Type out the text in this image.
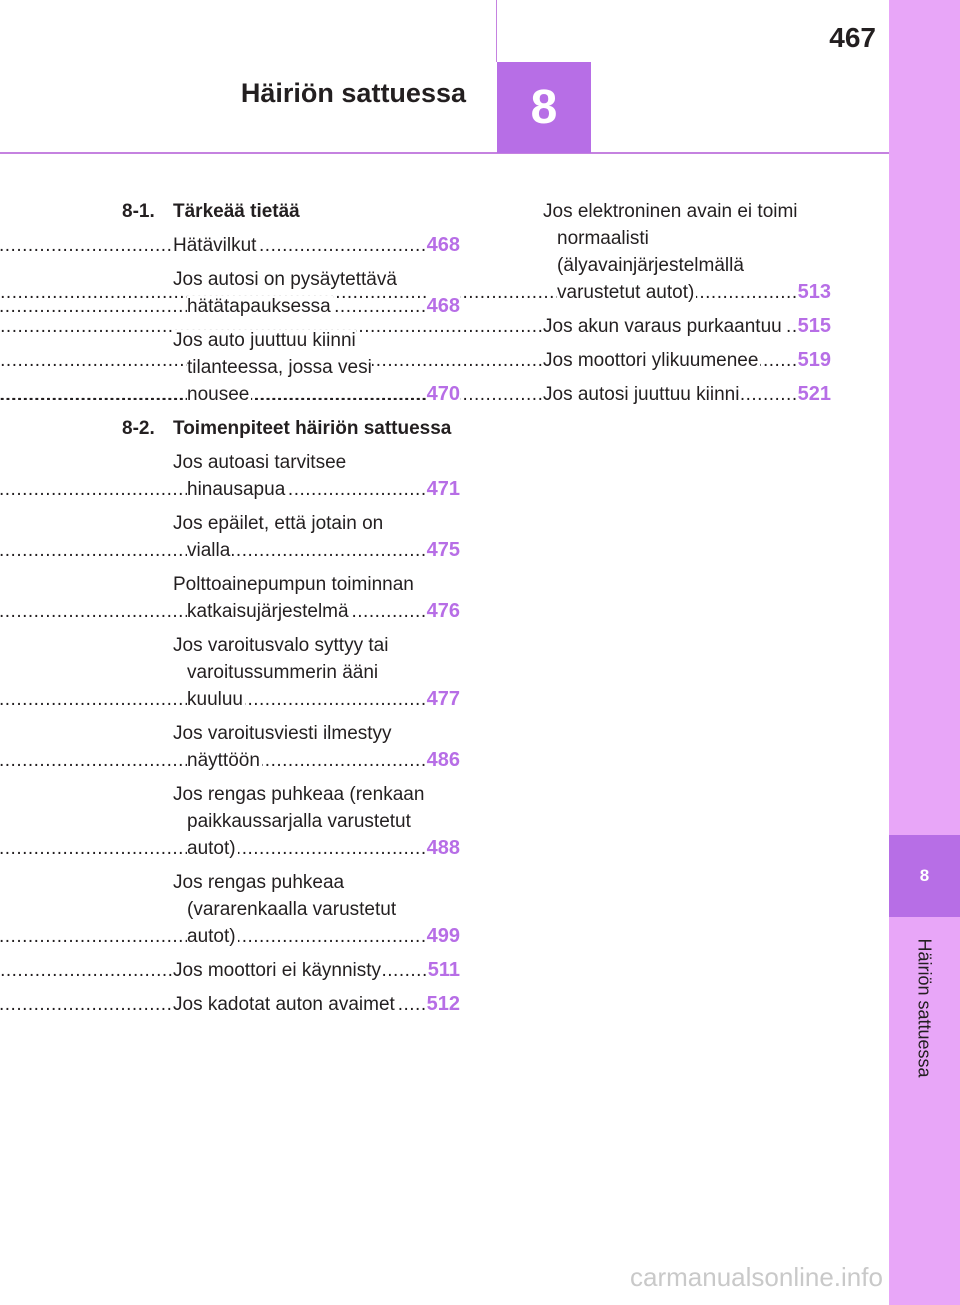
8
Häiriön sattuessa
Häiriön sattuessa	8
467
8-1. Tärkeää tietää
Hätävilkut .....	468
Jos autosi on pysäytettävä hätätapauksessa .....	468
Jos auto juuttuu kiinni tilanteessa, jossa vesi nousee .....	470
8-2. Toimenpiteet häiriön sattuessa
Jos autoasi tarvitsee hinausapua .....	471
Jos epäilet, että jotain on vialla .....	475
Polttoainepumpun toiminnan katkaisujärjestelmä .....	476
Jos varoitusvalo syttyy tai varoitussummerin ääni kuuluu .....	477
Jos varoitusviesti ilmestyy näyttöön .....	486
Jos rengas puhkeaa (renkaan paikkaussarjalla varustetut autot) .....	488
Jos rengas puhkeaa (vararenkaalla varustetut autot) .....	499
Jos moottori ei käynnisty .....	511
Jos kadotat auton avaimet .....	512
Jos elektroninen avain ei toimi normaalisti (älyavainjärjestelmällä varustetut autot) .....	513
Jos akun varaus purkaantuu ..... 515
Jos moottori ylikuumenee .....	519
Jos autosi juuttuu kiinni .....	521
carmanualsonline.info
